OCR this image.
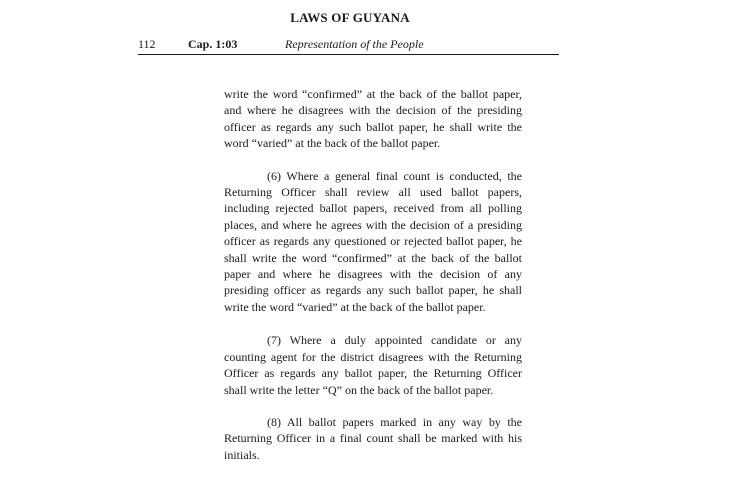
LAWS OF GUYANA
112	Cap. 1:03	Representation of the People

write the word “confirmed” at the back of the ballot paper, and where he disagrees with the decision of the presiding officer as regards any such ballot paper, he shall write the word “varied” at the back of the ballot paper.

(6) Where a general final count is conducted, the Returning Officer shall review all used ballot papers, including rejected ballot papers, received from all polling places, and where he agrees with the decision of a presiding officer as regards any questioned or rejected ballot paper, he shall write the word “confirmed” at the back of the ballot paper and where he disagrees with the decision of any presiding officer as regards any such ballot paper, he shall write the word “varied” at the back of the ballot paper.

(7) Where a duly appointed candidate or any counting agent for the district disagrees with the Returning Officer as regards any ballot paper, the Returning Officer shall write the letter “Q” on the back of the ballot paper.

(8) All ballot papers marked in any way by the Returning Officer in a final count shall be marked with his initials.
